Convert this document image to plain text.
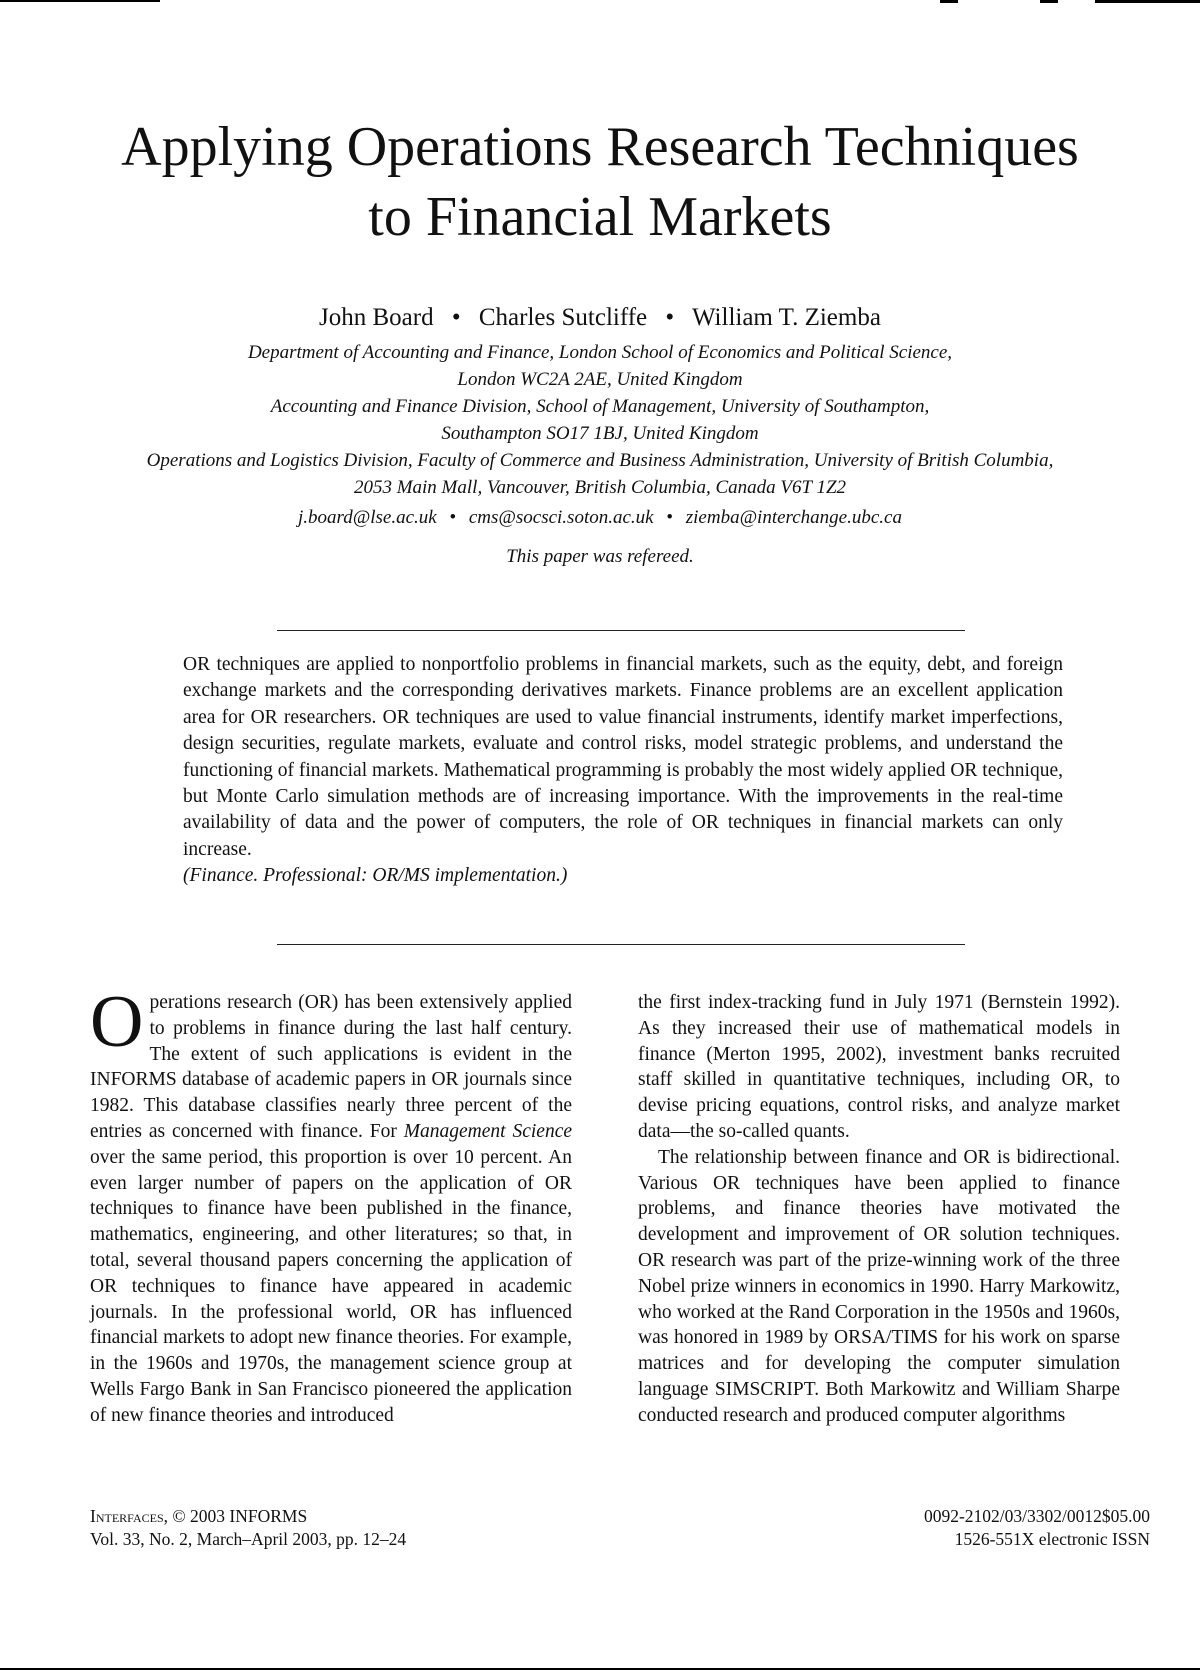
Applying Operations Research Techniques
to Financial Markets
John Board • Charles Sutcliffe • William T. Ziemba
Department of Accounting and Finance, London School of Economics and Political Science,
London WC2A 2AE, United Kingdom
Accounting and Finance Division, School of Management, University of Southampton,
Southampton SO17 1BJ, United Kingdom
Operations and Logistics Division, Faculty of Commerce and Business Administration, University of British Columbia,
2053 Main Mall, Vancouver, British Columbia, Canada V6T 1Z2
j.board@lse.ac.uk • cms@socsci.soton.ac.uk • ziemba@interchange.ubc.ca
This paper was refereed.

OR techniques are applied to nonportfolio problems in financial markets, such as the equity, debt, and foreign exchange markets and the corresponding derivatives markets. Finance problems are an excellent application area for OR researchers. OR techniques are used to value financial instruments, identify market imperfections, design securities, regulate markets, evaluate and control risks, model strategic problems, and understand the functioning of financial markets. Mathematical programming is probably the most widely applied OR technique, but Monte Carlo simulation methods are of increasing importance. With the improvements in the real-time availability of data and the power of computers, the role of OR techniques in financial markets can only increase.

(Finance. Professional: OR/MS implementation.)

Operations research (OR) has been extensively applied to problems in finance during the last half century. The extent of such applications is evident in the INFORMS database of academic papers in OR journals since 1982. This database classifies nearly three percent of the entries as concerned with finance. For Management Science over the same period, this proportion is over 10 percent. An even larger number of papers on the application of OR techniques to finance have been published in the finance, mathematics, engineering, and other literatures; so that, in total, several thousand papers concerning the application of OR techniques to finance have appeared in academic journals. In the professional world, OR has influenced financial markets to adopt new finance theories. For example, in the 1960s and 1970s, the management science group at Wells Fargo Bank in San Francisco pioneered the application of new finance theories and introduced

the first index-tracking fund in July 1971 (Bernstein 1992). As they increased their use of mathematical models in finance (Merton 1995, 2002), investment banks recruited staff skilled in quantitative techniques, including OR, to devise pricing equations, control risks, and analyze market data—the so-called quants.

The relationship between finance and OR is bidirectional. Various OR techniques have been applied to finance problems, and finance theories have motivated the development and improvement of OR solution techniques. OR research was part of the prize-winning work of the three Nobel prize winners in economics in 1990. Harry Markowitz, who worked at the Rand Corporation in the 1950s and 1960s, was honored in 1989 by ORSA/TIMS for his work on sparse matrices and for developing the computer simulation language SIMSCRIPT. Both Markowitz and William Sharpe conducted research and produced computer algorithms

Interfaces, © 2003 INFORMS
Vol. 33, No. 2, March–April 2003, pp. 12–24
0092-2102/03/3302/0012$05.00
1526-551X electronic ISSN
